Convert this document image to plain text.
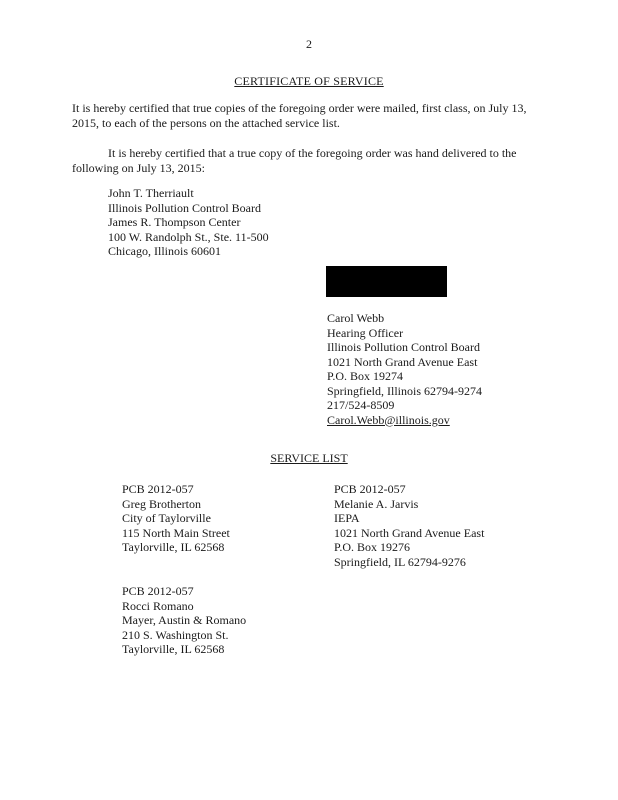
2
CERTIFICATE OF SERVICE
It is hereby certified that true copies of the foregoing order were mailed, first class, on July 13,
2015, to each of the persons on the attached service list.
It is hereby certified that a true copy of the foregoing order was hand delivered to the
following on July 13, 2015:
John T. Therriault
Illinois Pollution Control Board
James R. Thompson Center
100 W. Randolph St., Ste. 11-500
Chicago, Illinois 60601
Carol Webb
Hearing Officer
Illinois Pollution Control Board
1021 North Grand Avenue East
P.O. Box 19274
Springfield, Illinois 62794-9274
217/524-8509
Carol.Webb@illinois.gov
SERVICE LIST
PCB 2012-057
Greg Brotherton
City of Taylorville
115 North Main Street
Taylorville, IL 62568
PCB 2012-057
Melanie A. Jarvis
IEPA
1021 North Grand Avenue East
P.O. Box 19276
Springfield, IL 62794-9276
PCB 2012-057
Rocci Romano
Mayer, Austin & Romano
210 S. Washington St.
Taylorville, IL 62568
